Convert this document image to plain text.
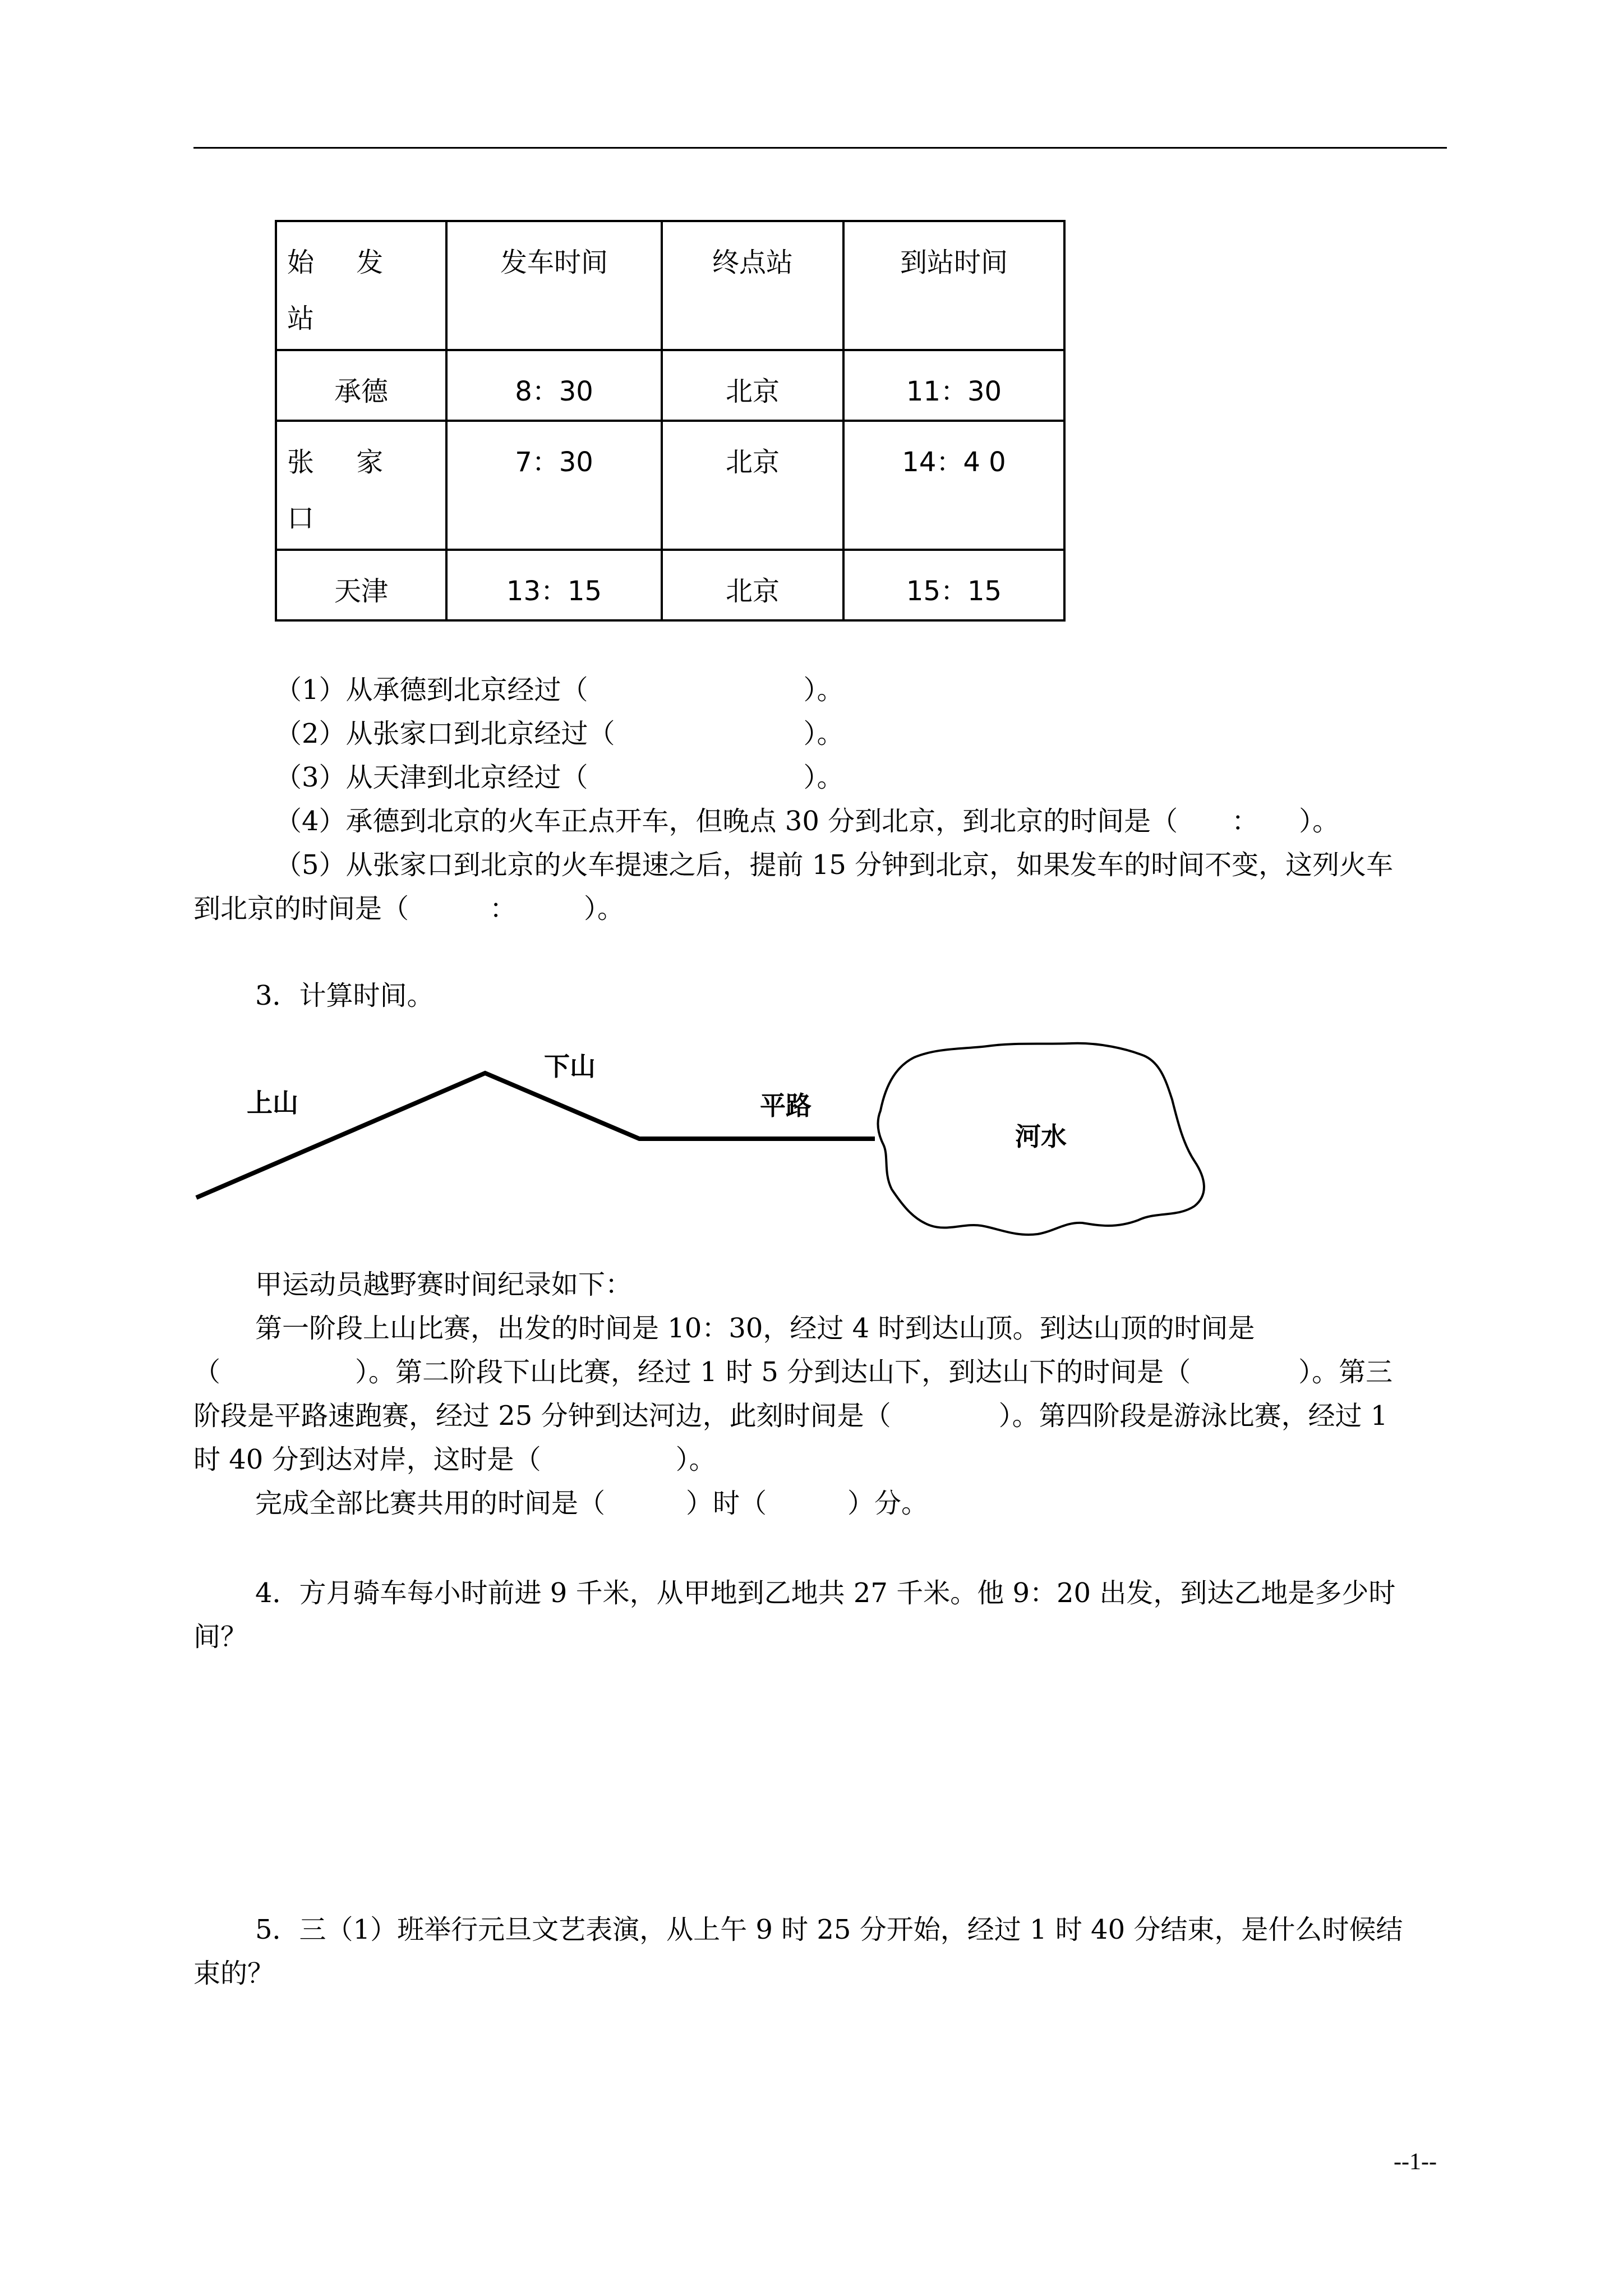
始 发 站	发车时间	终点站	到站时间

承德	8：30	北京	11：30

张 家 口	7：30	北京	14：4 0

天津	13：15	北京	15：15
（1）从承德到北京经过（　　　　　　　　）。
（2）从张家口到北京经过（　　　　　　　）。
（3）从天津到北京经过（　　　　　　　　）。
（4）承德到北京的火车正点开车，但晚点 30 分到北京，到北京的时间是（　　：　　）。
（5）从张家口到北京的火车提速之后，提前 15 分钟到北京，如果发车的时间不变，这列火车
到北京的时间是（　　　：　　　）。
3．计算时间。
上山
下山
平路
河水
甲运动员越野赛时间纪录如下：
第一阶段上山比赛，出发的时间是 10：30，经过 4 时到达山顶。到达山顶的时间是
（　　　　　）。第二阶段下山比赛，经过 1 时 5 分到达山下，到达山下的时间是（　　　　）。第三
阶段是平路速跑赛，经过 25 分钟到达河边，此刻时间是（　　　　）。第四阶段是游泳比赛，经过 1
时 40 分到达对岸，这时是（　　　　　）。
完成全部比赛共用的时间是（　　　）时（　　　）分。
4．方月骑车每小时前进 9 千米，从甲地到乙地共 27 千米。他 9：20 出发，到达乙地是多少时
间？
5．三（1）班举行元旦文艺表演，从上午 9 时 25 分开始，经过 1 时 40 分结束，是什么时候结
束的？
--1--
